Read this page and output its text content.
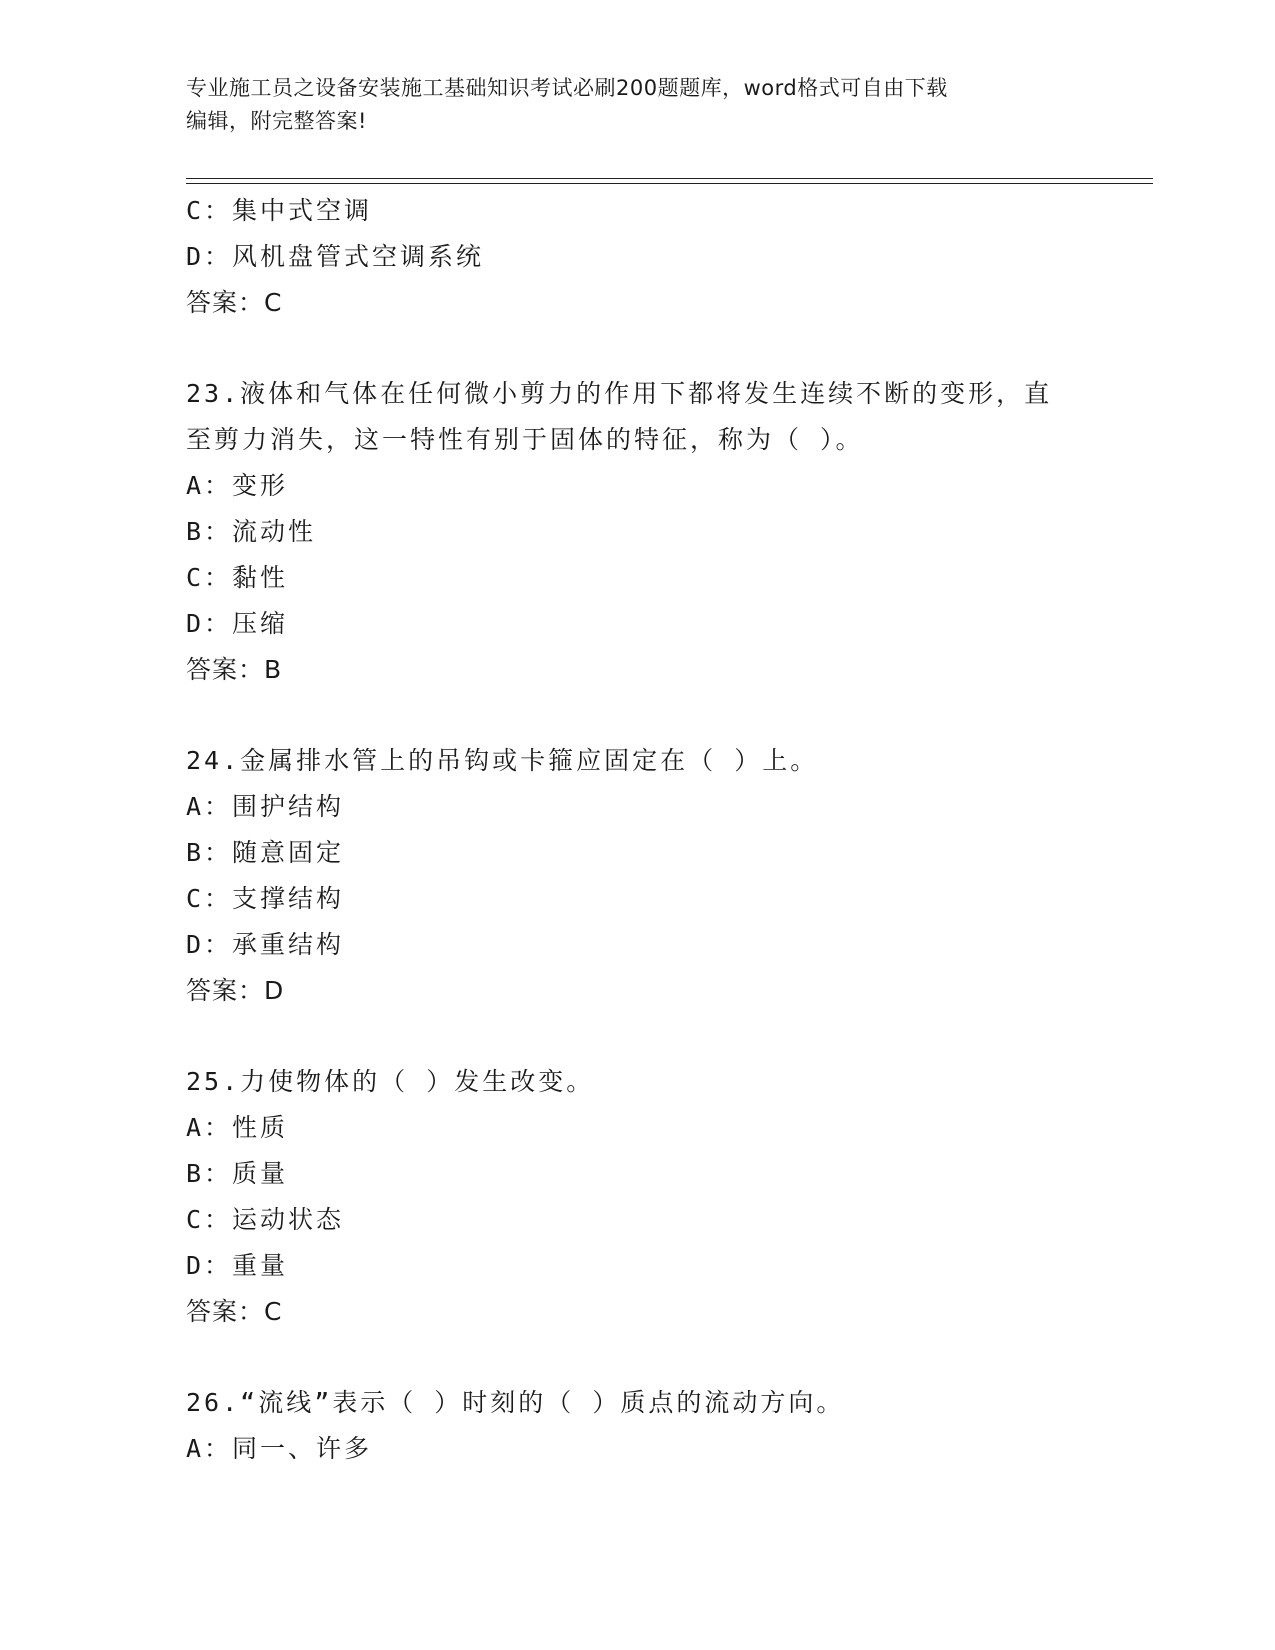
专业施工员之设备安装施工基础知识考试必刷200题题库，word格式可自由下载
编辑，附完整答案!
C：集中式空调
D：风机盘管式空调系统
答案：C
23.液体和气体在任何微小剪力的作用下都将发生连续不断的变形，直
至剪力消失，这一特性有别于固体的特征，称为（ ）。
A：变形
B：流动性
C：黏性
D：压缩
答案：B
24.金属排水管上的吊钩或卡箍应固定在（ ）上。
A：围护结构
B：随意固定
C：支撑结构
D：承重结构
答案：D
25.力使物体的（ ）发生改变。
A：性质
B：质量
C：运动状态
D：重量
答案：C
26.“流线”表示（ ）时刻的（ ）质点的流动方向。
A：同一、许多
